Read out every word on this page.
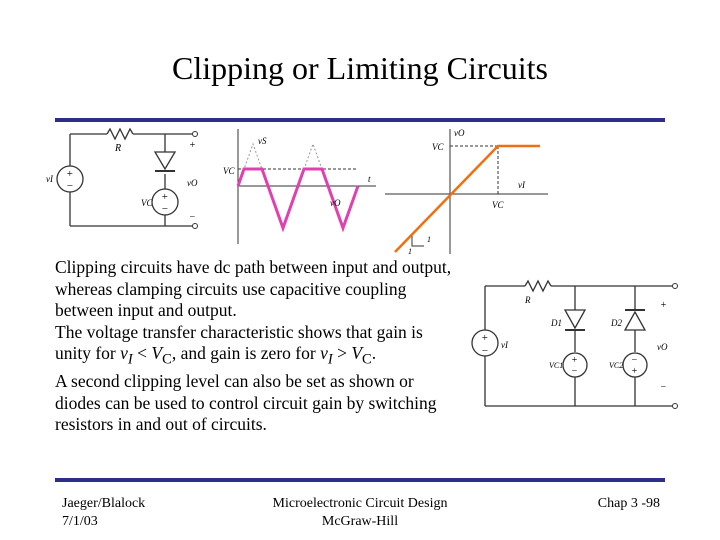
Clipping or Limiting Circuits
+
−
+
−
+
−
R
vI
VC
vO
VC
vS
vO
t
vO
VC
vI
VC
1
1
+
−
+
−
−
+
+
−
R
vI
D1	D2
VC1	VC2
vO

Clipping circuits have dc path between input and output, whereas clamping circuits use capacitive coupling between input and output.

The voltage transfer characteristic shows that gain is unity for $v_I < V_C$, and gain is zero for $v_I > V_C$.

A second clipping level can also be set as shown or diodes can be used to control circuit gain by switching resistors in and out of circuits.

Jaeger/Blalock
7/1/03
Microelectronic Circuit Design
McGraw-Hill
Chap 3 -98
